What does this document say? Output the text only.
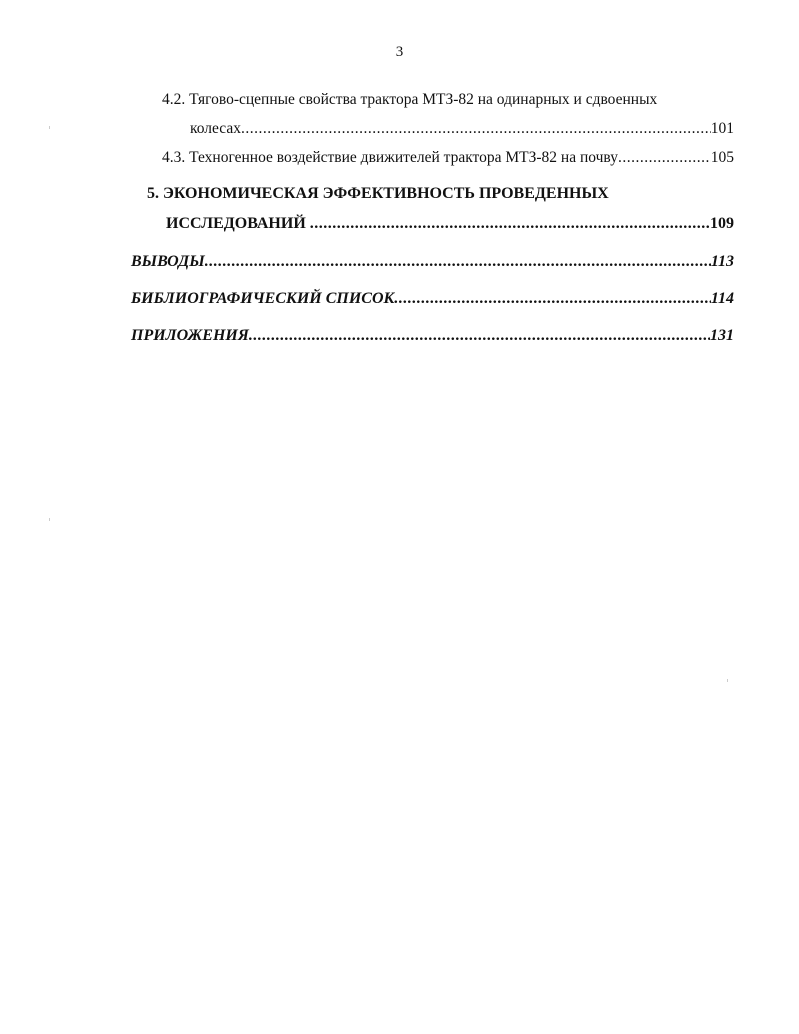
3
4.2. Тягово-сцепные свойства трактора МТЗ-82 на одинарных и сдвоенных
колесах .....	101
4.3. Техногенное воздействие движителей трактора МТЗ-82 на почву .....	105
5. ЭКОНОМИЧЕСКАЯ ЭФФЕКТИВНОСТЬ ПРОВЕДЕННЫХ
ИССЛЕДОВАНИЙ .....	109
ВЫВОДЫ .....	113
БИБЛИОГРАФИЧЕСКИЙ СПИСОК .....	114
ПРИЛОЖЕНИЯ .....	131
